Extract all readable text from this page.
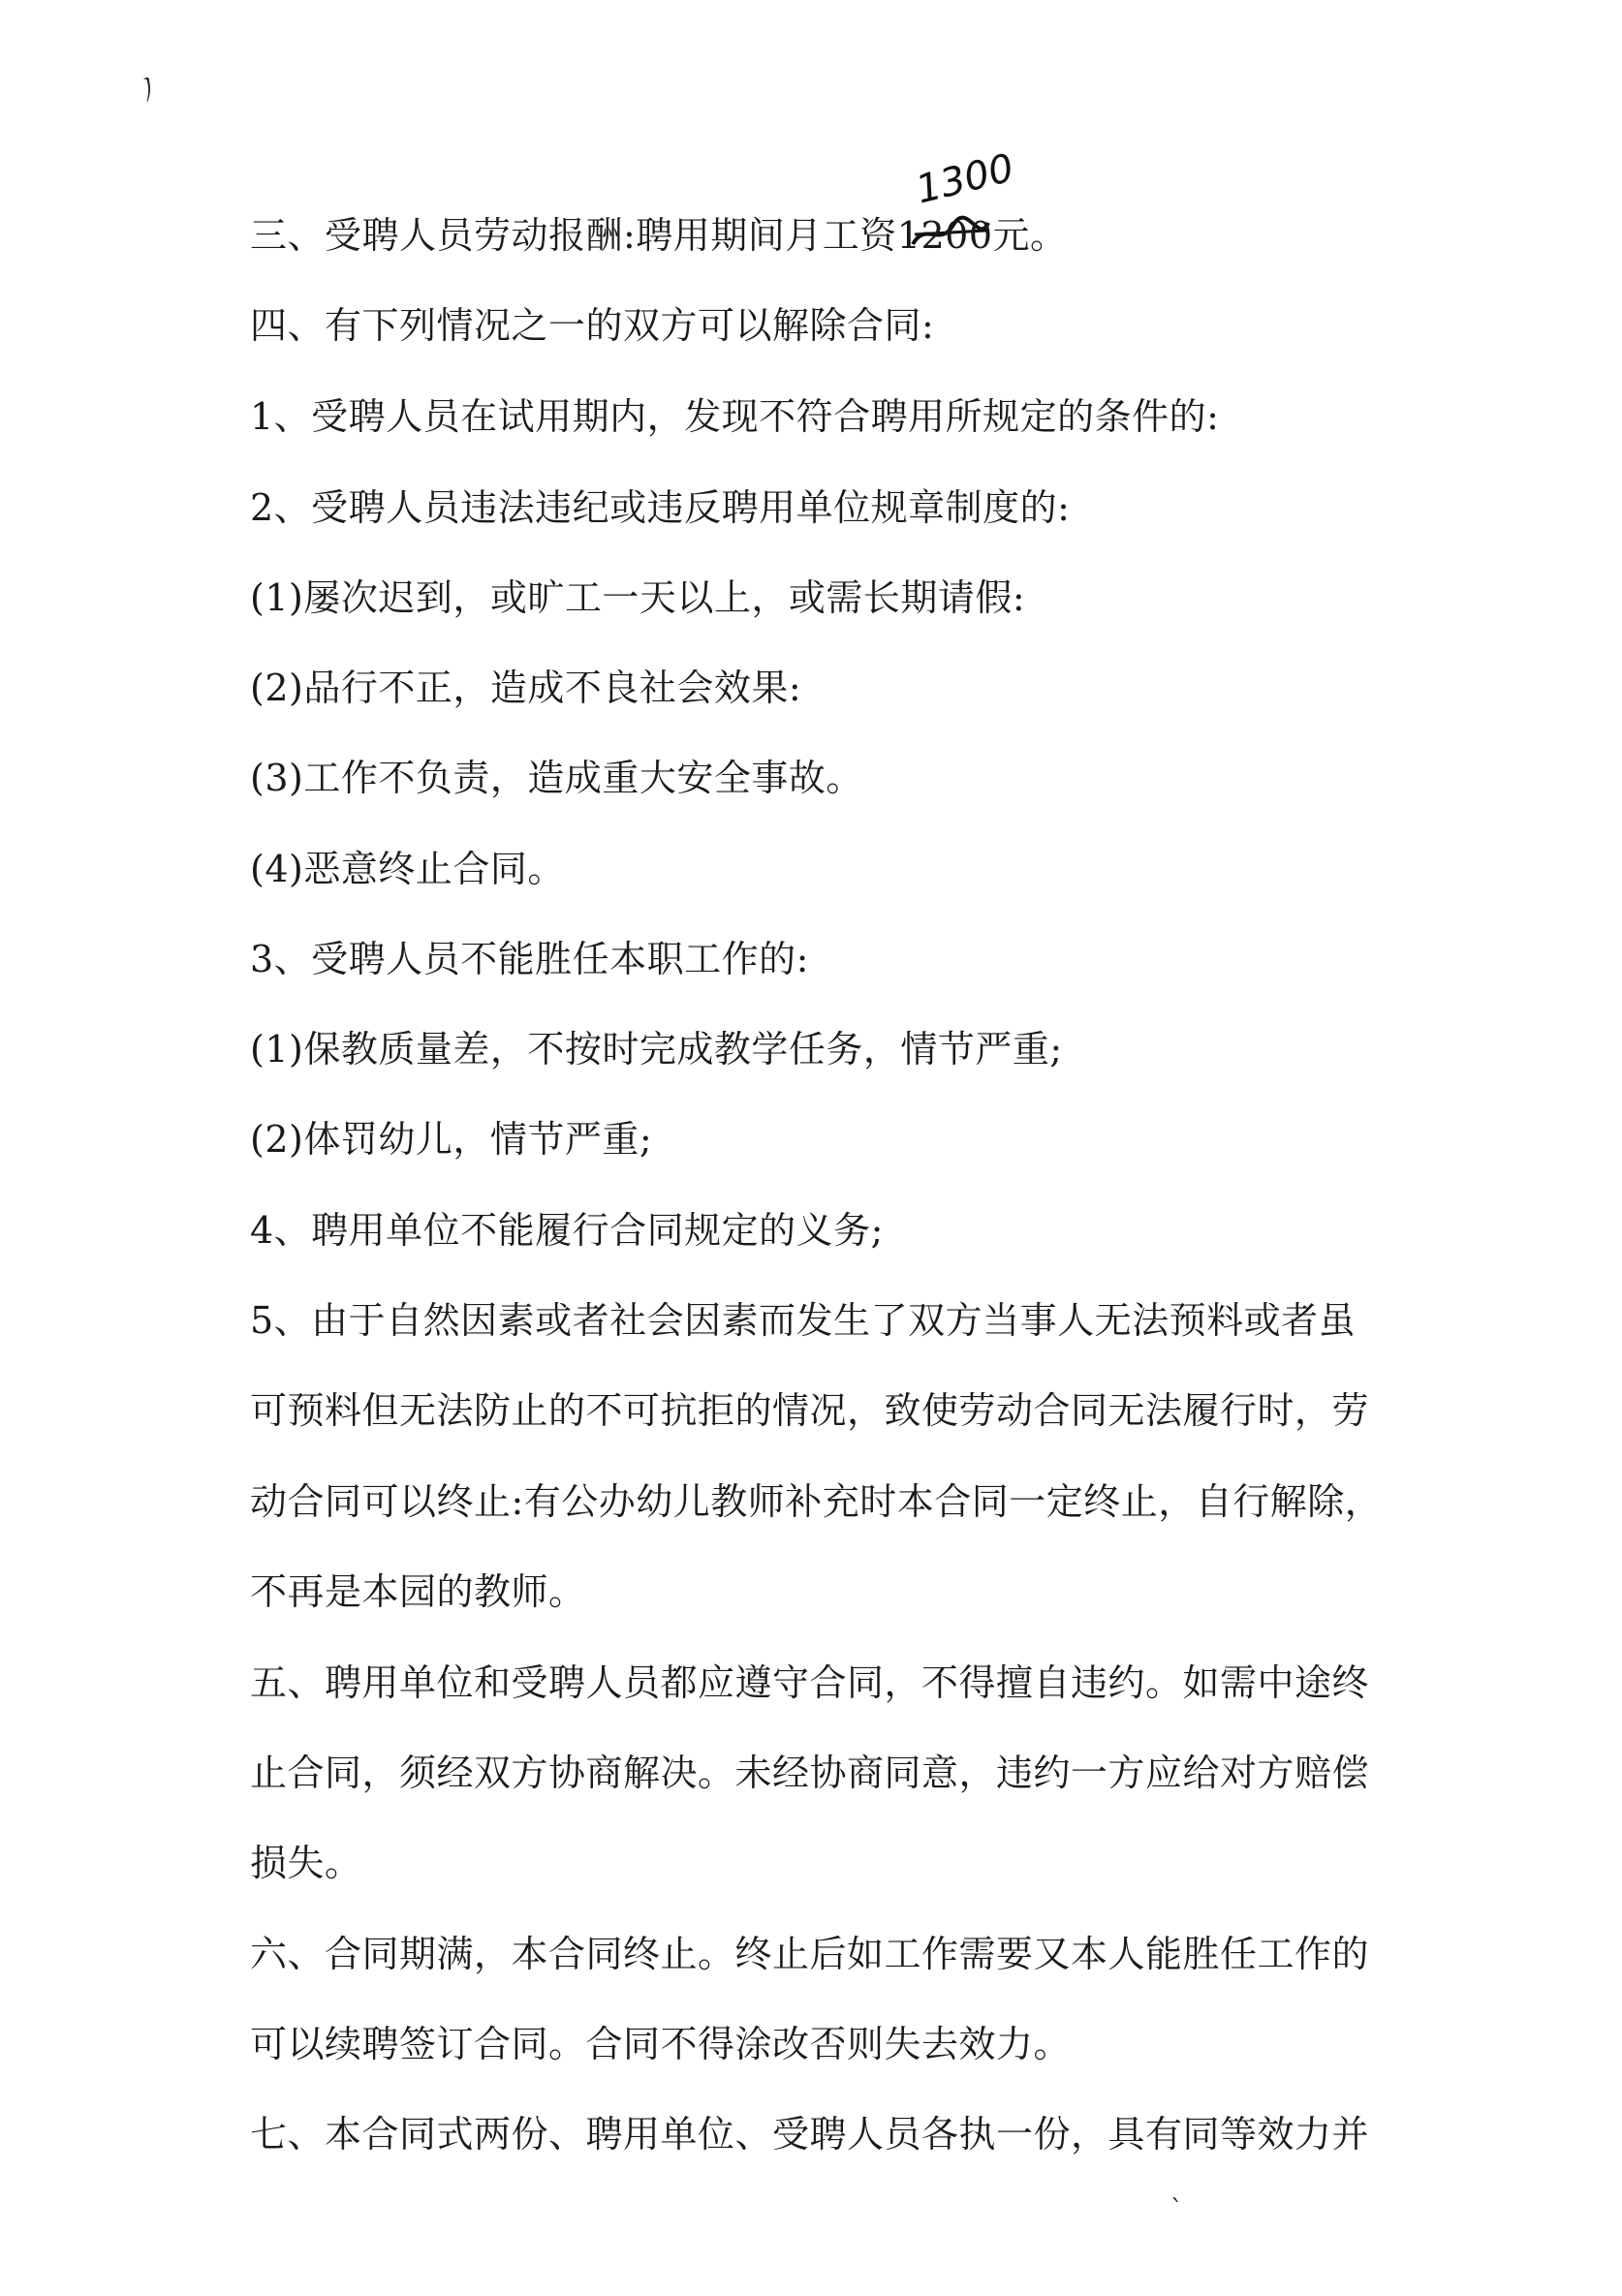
ノ
1300
三、受聘人员劳动报酬:聘用期间月工资1200元。
四、有下列情况之一的双方可以解除合同:
1、受聘人员在试用期内，发现不符合聘用所规定的条件的:
2、受聘人员违法违纪或违反聘用单位规章制度的:
(1)屡次迟到，或旷工一天以上，或需长期请假:
(2)品行不正，造成不良社会效果:
(3)工作不负责，造成重大安全事故。
(4)恶意终止合同。
3、受聘人员不能胜任本职工作的:
(1)保教质量差，不按时完成教学任务，情节严重;
(2)体罚幼儿，情节严重;
4、聘用单位不能履行合同规定的义务;
5、由于自然因素或者社会因素而发生了双方当事人无法预料或者虽
可预料但无法防止的不可抗拒的情况，致使劳动合同无法履行时，劳
动合同可以终止:有公办幼儿教师补充时本合同一定终止，自行解除，
不再是本园的教师。
五、聘用单位和受聘人员都应遵守合同，不得擅自违约。如需中途终
止合同，须经双方协商解决。未经协商同意，违约一方应给对方赔偿
损失。
六、合同期满，本合同终止。终止后如工作需要又本人能胜任工作的
可以续聘签订合同。合同不得涂改否则失去效力。
七、本合同式两份、聘用单位、受聘人员各执一份，具有同等效力并
ˋ
